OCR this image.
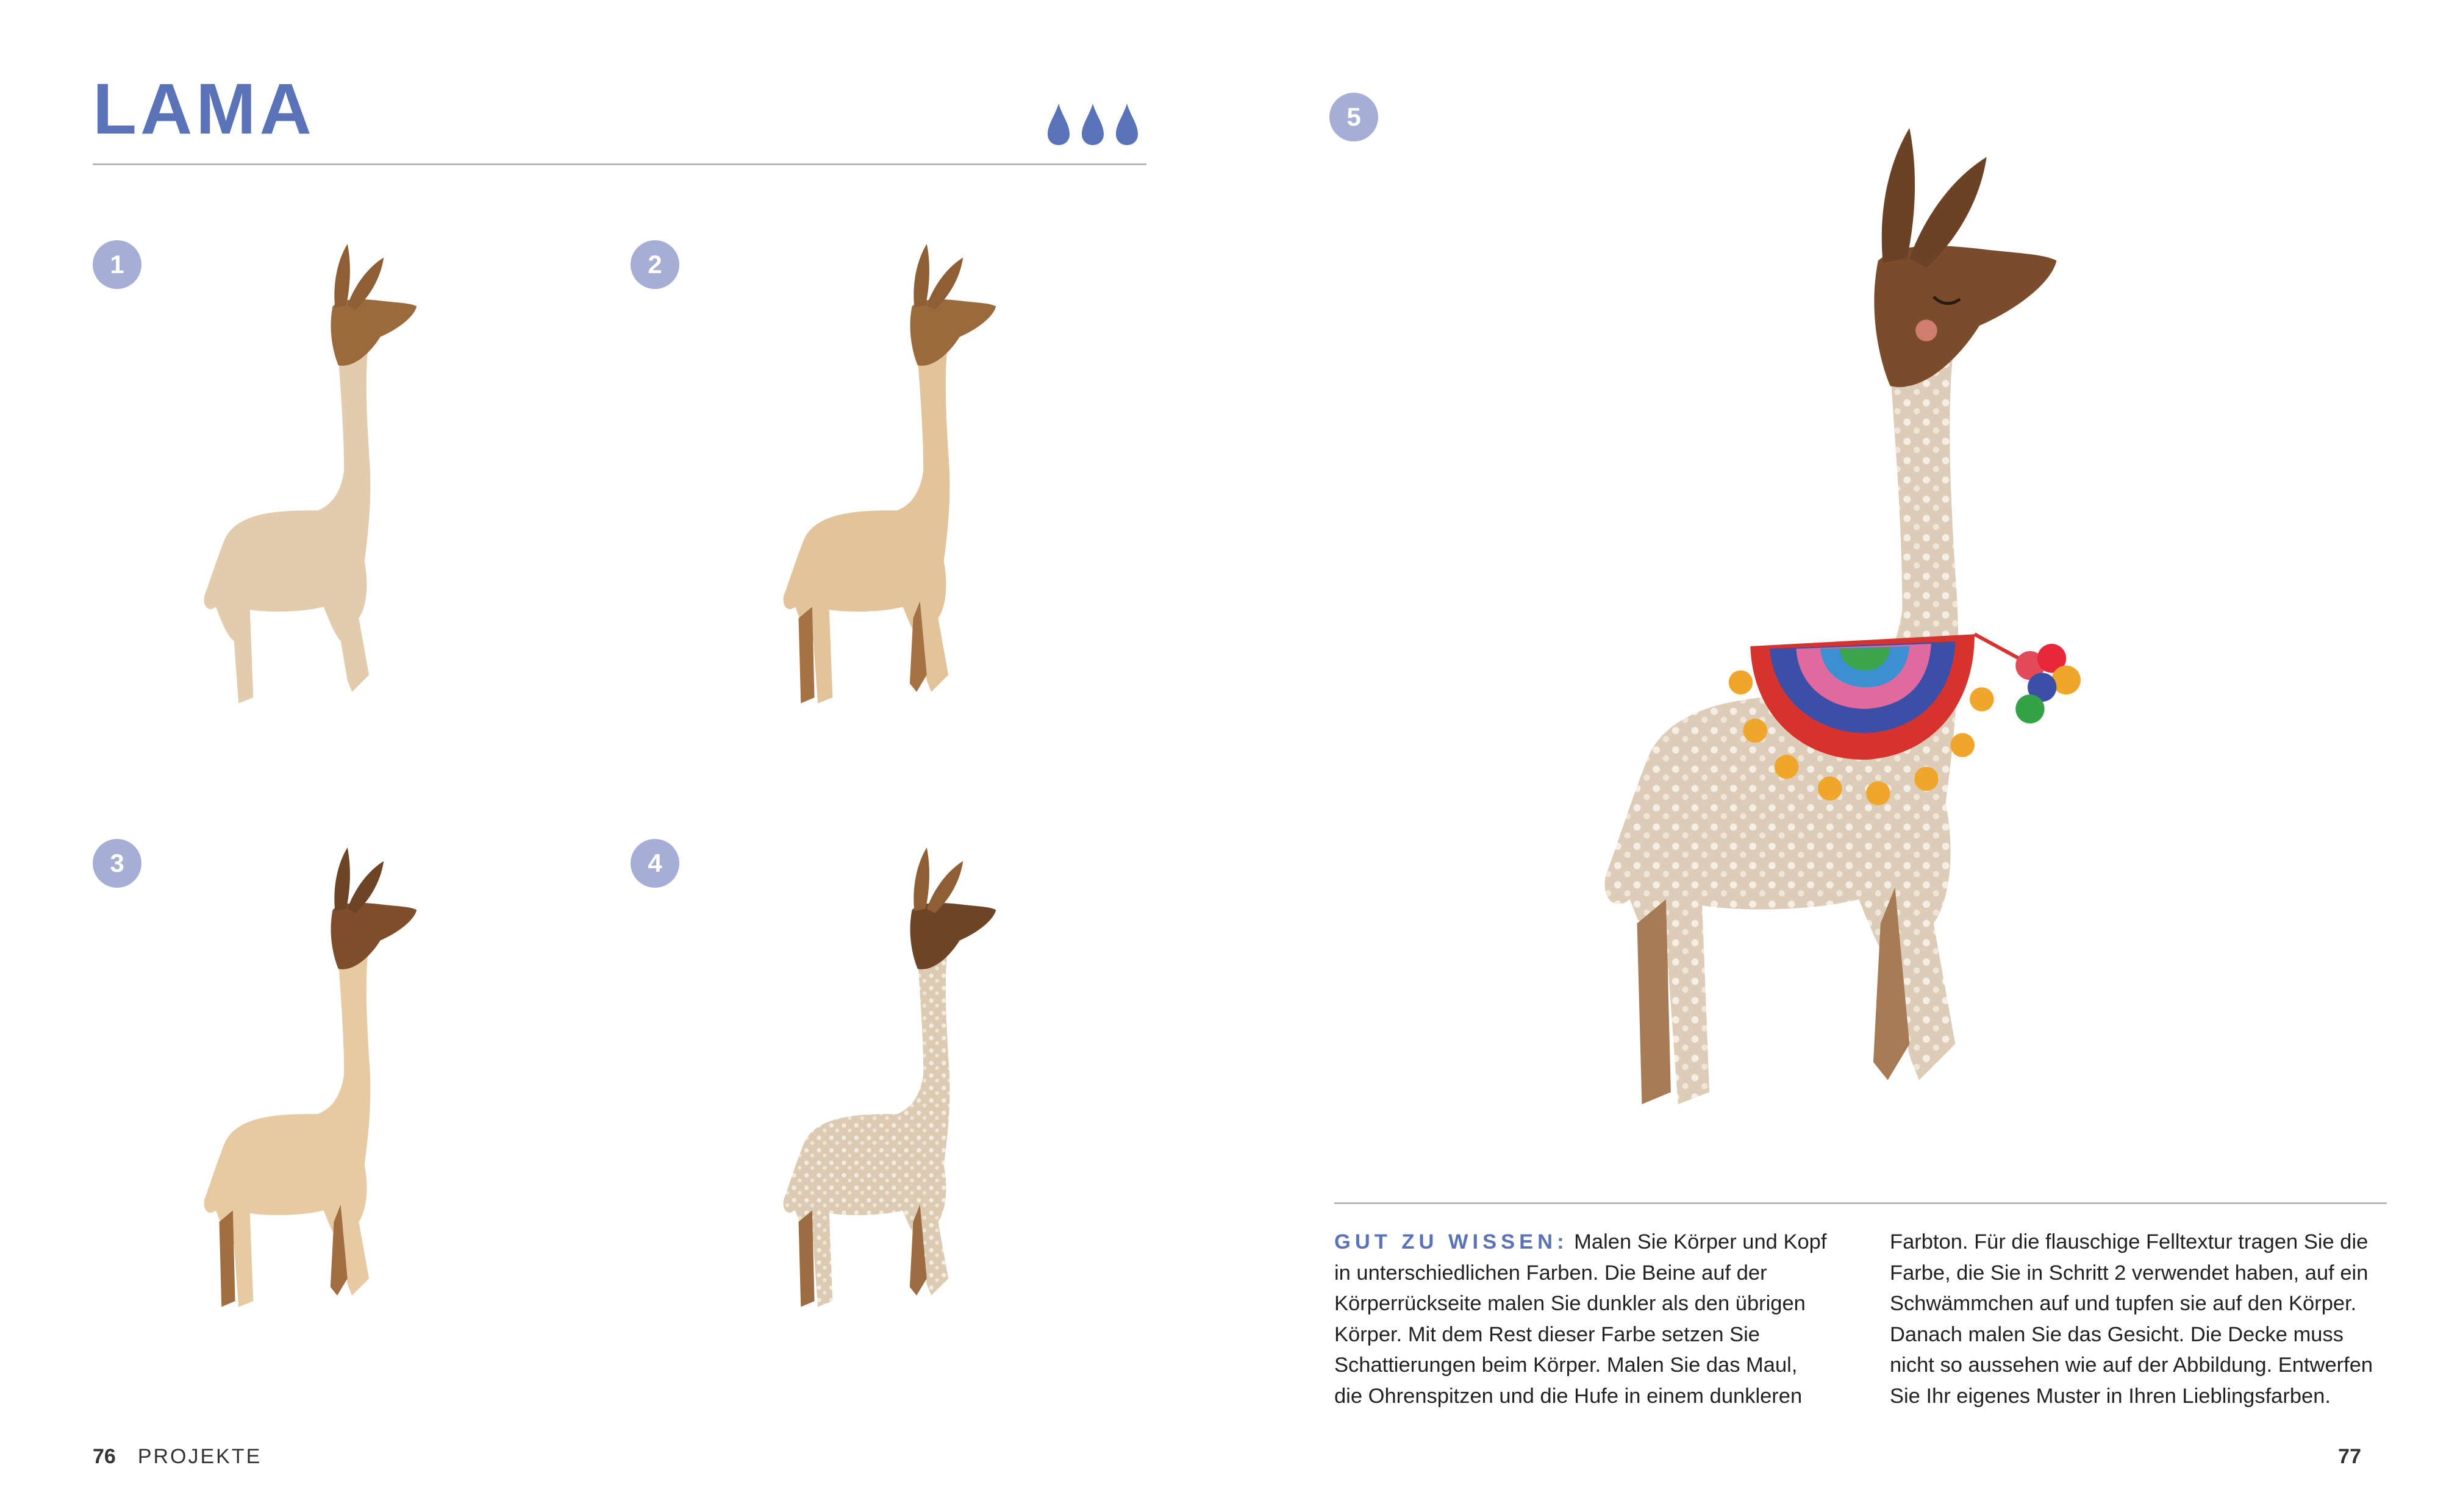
LAMA
1	2
3	4
76 PROJEKTE
5
GUT ZU WISSEN: Malen Sie Körper und Kopf in unterschiedlichen Farben. Die Beine auf der Körperrückseite malen Sie dunkler als den übrigen Körper. Mit dem Rest dieser Farbe setzen Sie Schattierungen beim Körper. Malen Sie das Maul, die Ohrenspitzen und die Hufe in einem dunkleren Farbton. Für die flauschige Felltextur tragen Sie die Farbe, die Sie in Schritt 2 verwendet haben, auf ein Schwämmchen auf und tupfen sie auf den Körper. Danach malen Sie das Gesicht. Die Decke muss nicht so aussehen wie auf der Abbildung. Entwerfen Sie Ihr eigenes Muster in Ihren Lieblingsfarben.
77
